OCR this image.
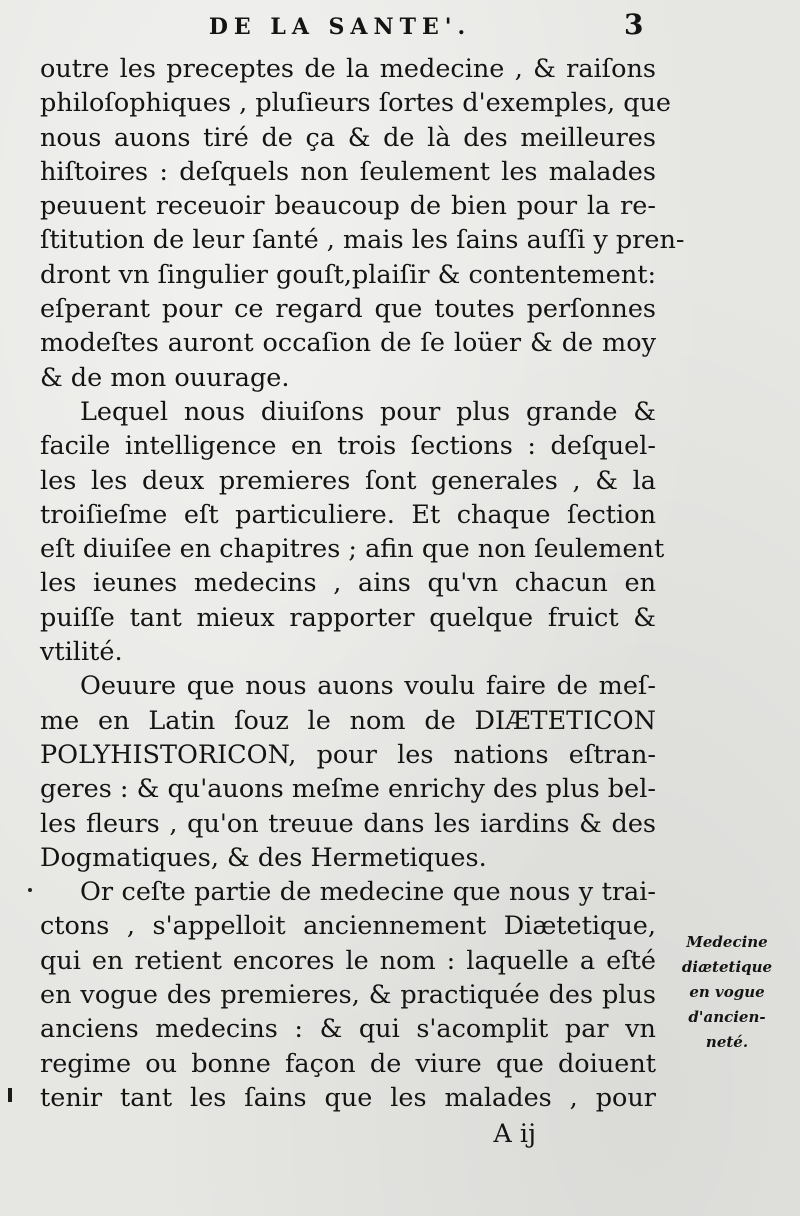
DE LA SANTE'.	3
outre les preceptes de la medecine , & raiſons
philoſophiques , pluſieurs ſortes d'exemples, que
nous auons tiré de ça & de là des meilleures
hiſtoires : deſquels non ſeulement les malades
peuuent receuoir beaucoup de bien pour la re-
ſtitution de leur ſanté , mais les ſains auſſi y pren-
dront vn ſingulier gouſt,plaiſir & contentement:
eſperant pour ce regard que toutes perſonnes
modeſtes auront occaſion de ſe loüer & de moy
& de mon ouurage.
Lequel nous diuiſons pour plus grande &
facile intelligence en trois ſections : deſquel-
les les deux premieres ſont generales , & la
troiſieſme eſt particuliere. Et chaque ſection
eſt diuiſee en chapitres ; afin que non ſeulement
les ieunes medecins , ains qu'vn chacun en
puiſſe tant mieux rapporter quelque fruict &
vtilité.
Oeuure que nous auons voulu faire de meſ-
me en Latin ſouz le nom de DIÆTETICON
POLYHISTORICON, pour les nations eſtran-
geres : & qu'auons meſme enrichy des plus bel-
les fleurs , qu'on treuue dans les iardins & des
Dogmatiques, & des Hermetiques.
Or ceſte partie de medecine que nous y trai-
ctons , s'appelloit anciennement Diætetique,
qui en retient encores le nom : laquelle a eſté
en vogue des premieres, & practiquée des plus
anciens medecins : & qui s'acomplit par vn
regime ou bonne façon de viure que doiuent
tenir tant les ſains que les malades , pour
A ij
Medecine
diætetique
en vogue
d'ancien-
neté.
